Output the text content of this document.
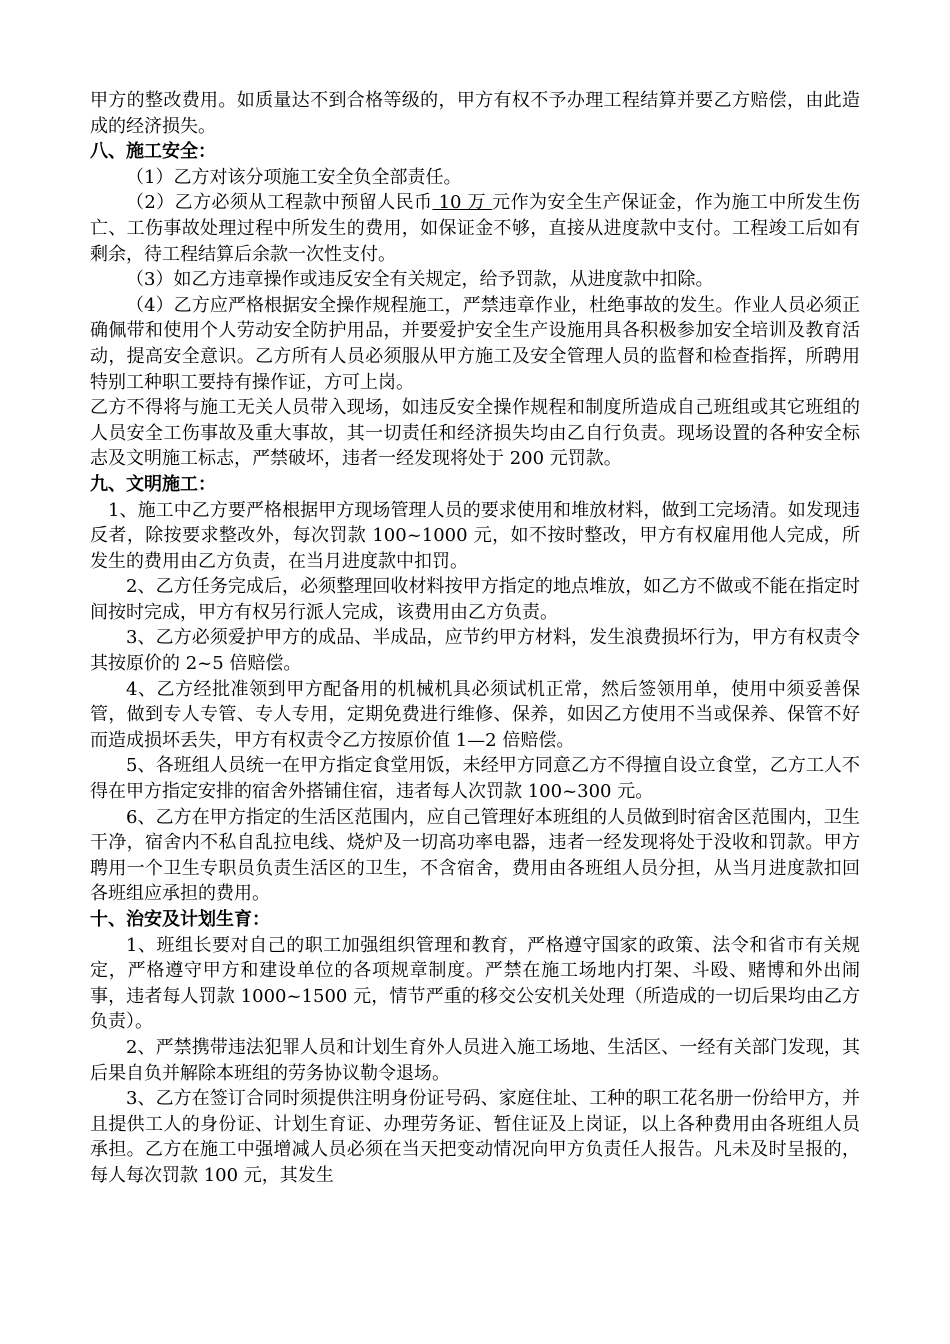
甲方的整改费用。如质量达不到合格等级的，甲方有权不予办理工程结算并要乙方赔偿，由此造成的经济损失。

八、施工安全：

（1）乙方对该分项施工安全负全部责任。

（2）乙方必须从工程款中预留人民币 10 万 元作为安全生产保证金，作为施工中所发生伤亡、工伤事故处理过程中所发生的费用，如保证金不够，直接从进度款中支付。工程竣工后如有剩余，待工程结算后余款一次性支付。

（3）如乙方违章操作或违反安全有关规定，给予罚款，从进度款中扣除。

（4）乙方应严格根据安全操作规程施工，严禁违章作业，杜绝事故的发生。作业人员必须正确佩带和使用个人劳动安全防护用品，并要爱护安全生产设施用具各积极参加安全培训及教育活动，提高安全意识。乙方所有人员必须服从甲方施工及安全管理人员的监督和检查指挥，所聘用特别工种职工要持有操作证，方可上岗。

乙方不得将与施工无关人员带入现场，如违反安全操作规程和制度所造成自己班组或其它班组的人员安全工伤事故及重大事故，其一切责任和经济损失均由乙自行负责。现场设置的各种安全标志及文明施工标志，严禁破坏，违者一经发现将处于 200 元罚款。

九、文明施工：

1、施工中乙方要严格根据甲方现场管理人员的要求使用和堆放材料，做到工完场清。如发现违反者，除按要求整改外，每次罚款 100~1000 元，如不按时整改，甲方有权雇用他人完成，所发生的费用由乙方负责，在当月进度款中扣罚。

2、乙方任务完成后，必须整理回收材料按甲方指定的地点堆放，如乙方不做或不能在指定时间按时完成，甲方有权另行派人完成，该费用由乙方负责。

3、乙方必须爱护甲方的成品、半成品，应节约甲方材料，发生浪费损坏行为，甲方有权责令其按原价的 2~5 倍赔偿。

4、乙方经批准领到甲方配备用的机械机具必须试机正常，然后签领用单，使用中须妥善保管，做到专人专管、专人专用，定期免费进行维修、保养，如因乙方使用不当或保养、保管不好而造成损坏丢失，甲方有权责令乙方按原价值 1—2 倍赔偿。

5、各班组人员统一在甲方指定食堂用饭，未经甲方同意乙方不得擅自设立食堂，乙方工人不得在甲方指定安排的宿舍外搭铺住宿，违者每人次罚款 100~300 元。

6、乙方在甲方指定的生活区范围内，应自己管理好本班组的人员做到时宿舍区范围内，卫生干净，宿舍内不私自乱拉电线、烧炉及一切高功率电器，违者一经发现将处于没收和罚款。甲方聘用一个卫生专职员负责生活区的卫生，不含宿舍，费用由各班组人员分担，从当月进度款扣回各班组应承担的费用。

十、治安及计划生育：

1、班组长要对自己的职工加强组织管理和教育，严格遵守国家的政策、法令和省市有关规定，严格遵守甲方和建设单位的各项规章制度。严禁在施工场地内打架、斗殴、赌博和外出闹事，违者每人罚款 1000~1500 元，情节严重的移交公安机关处理（所造成的一切后果均由乙方负责）。

2、严禁携带违法犯罪人员和计划生育外人员进入施工场地、生活区、一经有关部门发现，其后果自负并解除本班组的劳务协议勒令退场。

3、乙方在签订合同时须提供注明身份证号码、家庭住址、工种的职工花名册一份给甲方，并且提供工人的身份证、计划生育证、办理劳务证、暂住证及上岗证，以上各种费用由各班组人员承担。乙方在施工中强增减人员必须在当天把变动情况向甲方负责任人报告。凡未及时呈报的，每人每次罚款 100 元，其发生
